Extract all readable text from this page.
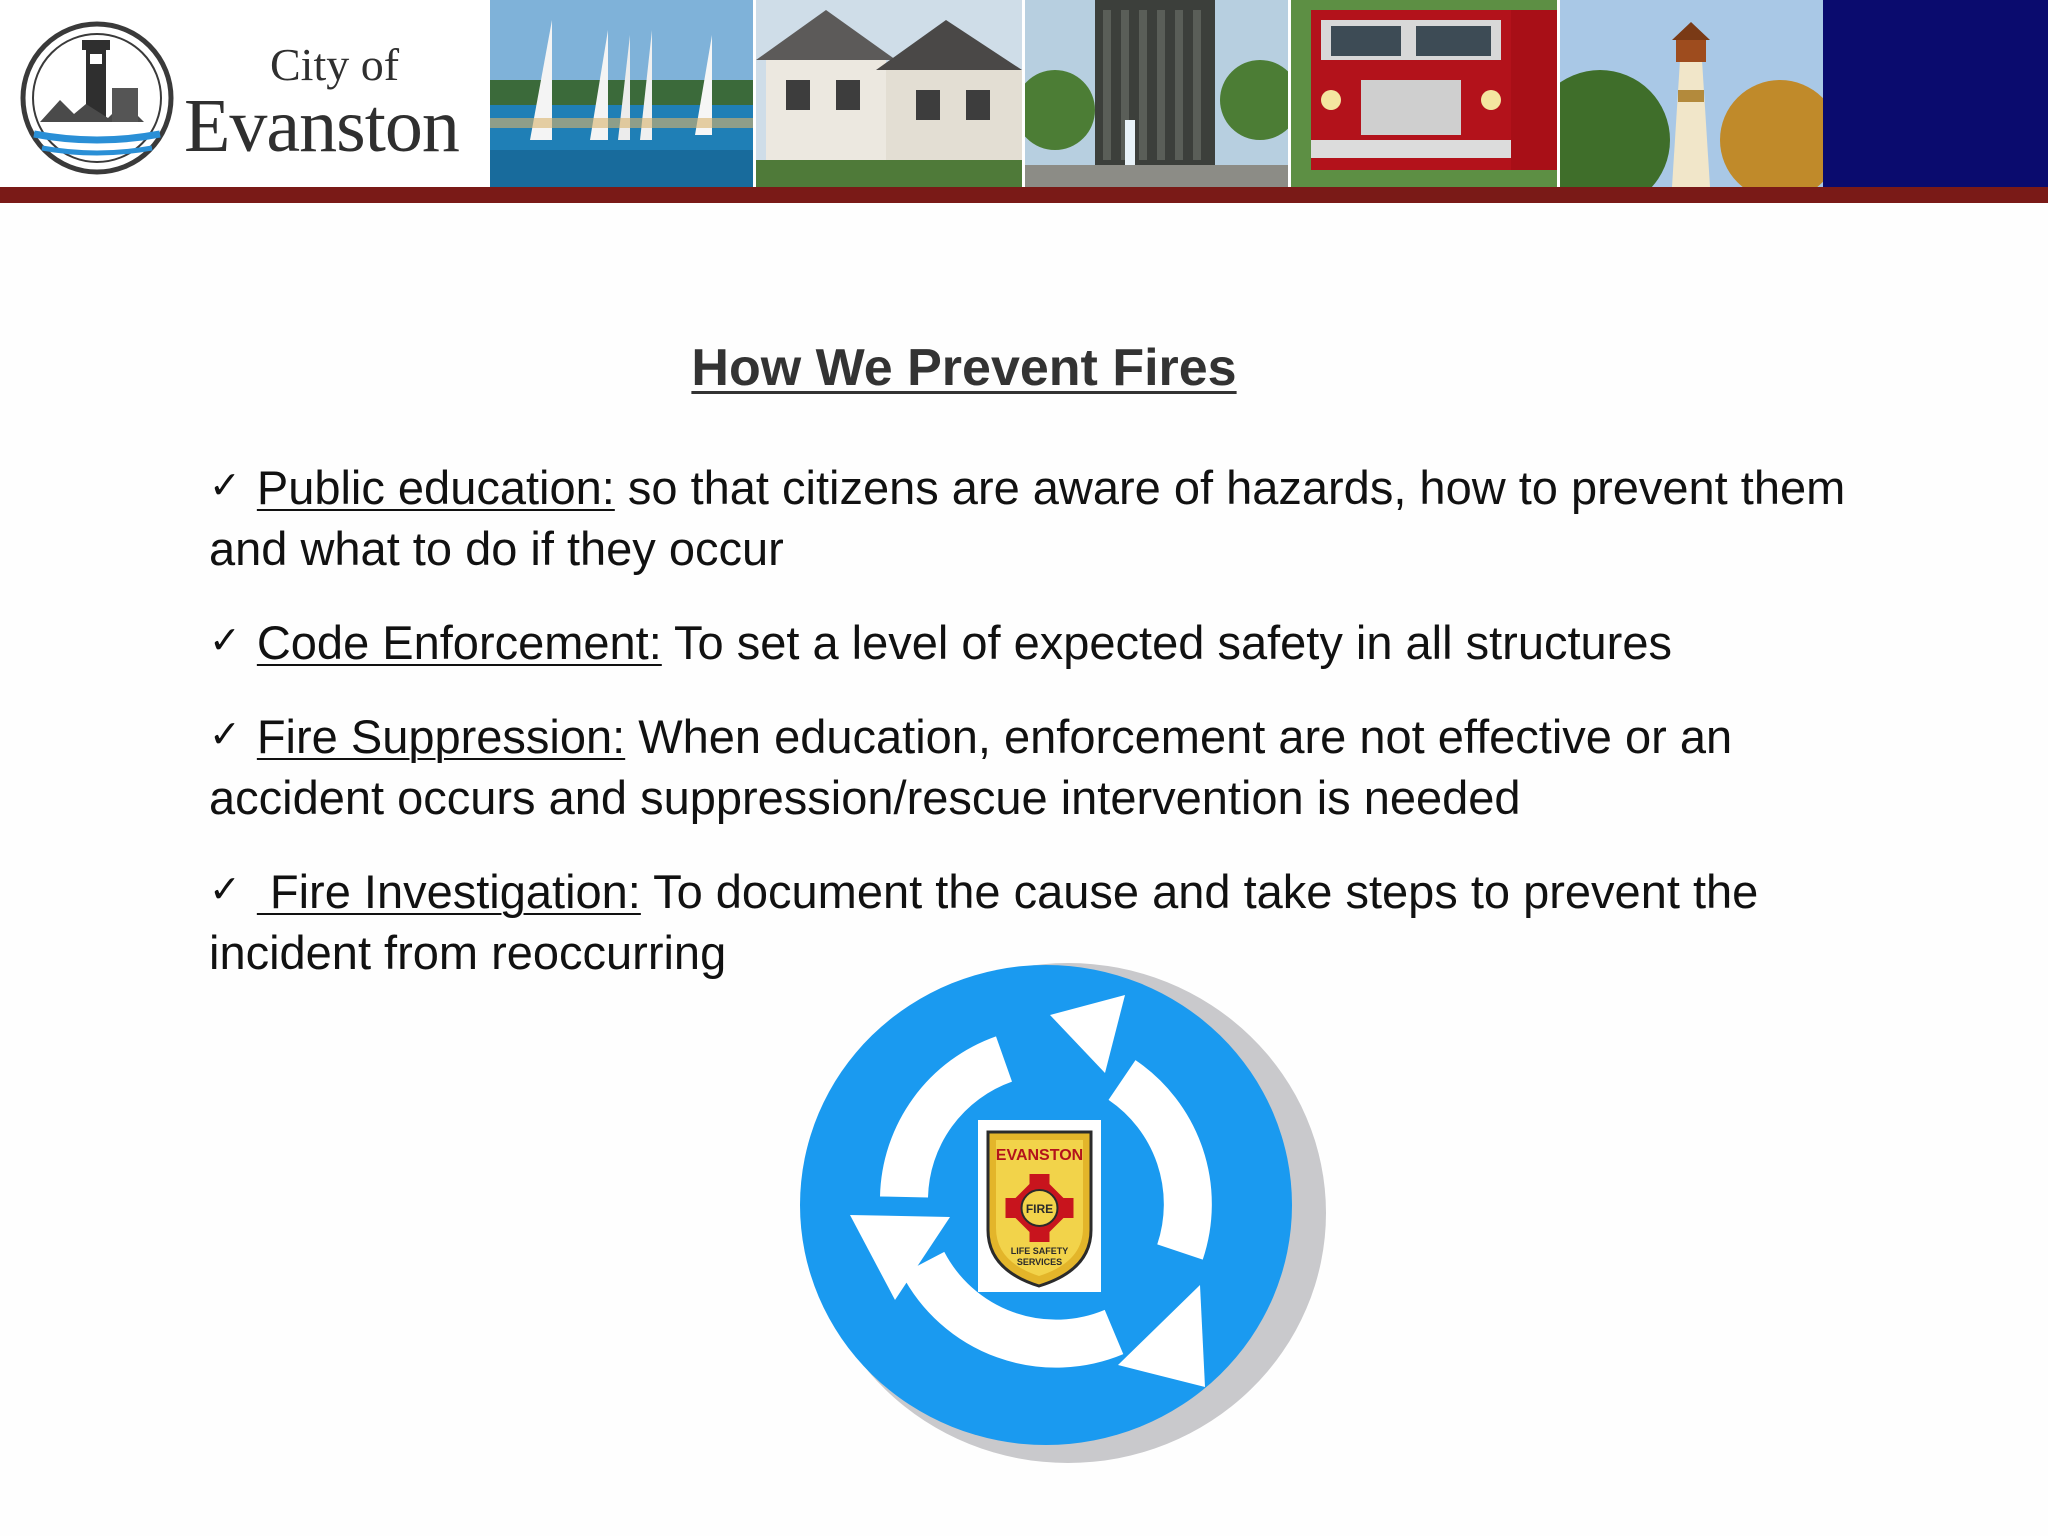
City of
Evanston
How We Prevent Fires
✓ Public education: so that citizens are aware of hazards, how to prevent them and what to do if they occur
✓ Code Enforcement: To set a level of expected safety in all structures
✓ Fire Suppression: When education, enforcement are not effective or an accident occurs and suppression/rescue intervention is needed
✓ Fire Investigation: To document the cause and take steps to prevent the incident from reoccurring
EVANSTON
FIRE
LIFE SAFETY
SERVICES
